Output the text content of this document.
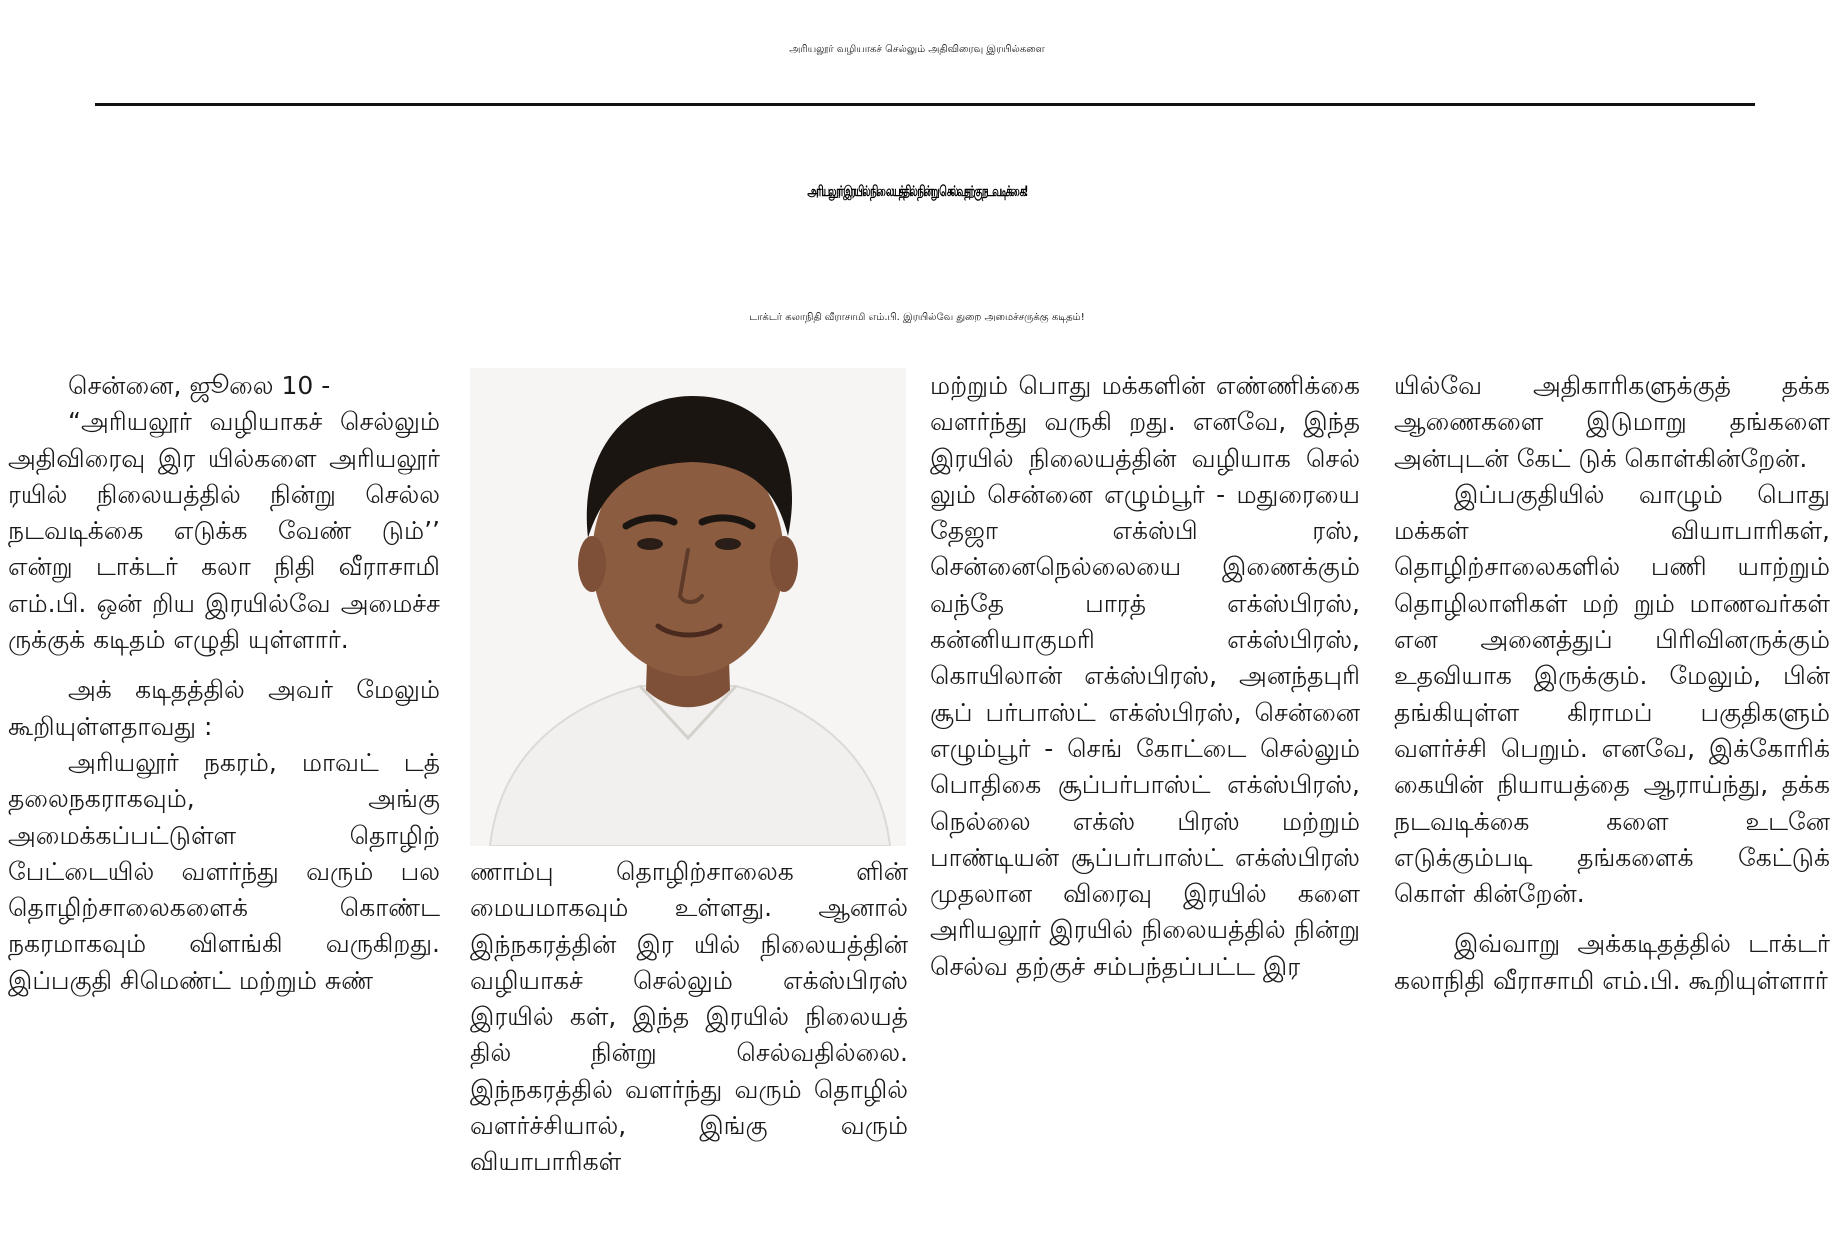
அரியலூர் வழியாகச் செல்லும் அதிவிரைவு இரயில்களை
அரியலூர் இரயில் நிலையத்தில் நின்று செல்வதற்கு நடவடிக்கை!
டாக்டர் கலாநிதி வீராசாமி எம்.பி. இரயில்வே துறை அமைச்சருக்கு கடிதம்!

சென்னை, ஜூலை 10 -

“அரியலூர் வழியாகச் செல்லும் அதிவிரைவு இர யில்களை அரியலூர் ரயில் நிலையத்தில் நின்று செல்ல நடவடிக்கை எடுக்க வேண் டும்’’ என்று டாக்டர் கலா நிதி வீராசாமி எம்.பி. ஒன் றிய இரயில்வே அமைச்ச ருக்குக் கடிதம் எழுதி யுள்ளார்.

அக் கடிதத்தில் அவர் மேலும் கூறியுள்ளதாவது :

அரியலூர் நகரம், மாவட் டத் தலைநகராகவும், அங்கு அமைக்கப்பட்டுள்ள தொழிற் பேட்டையில் வளர்ந்து வரும் பல தொழிற்சாலைகளைக் கொண்ட நகரமாகவும் விளங்கி வருகிறது. இப்பகுதி சிமெண்ட் மற்றும் சுண்

ணாம்பு தொழிற்சாலைக ளின் மையமாகவும் உள்ளது. ஆனால் இந்நகரத்தின் இர யில் நிலையத்தின் வழியாகச் செல்லும் எக்ஸ்பிரஸ் இரயில் கள், இந்த இரயில் நிலையத் தில் நின்று செல்வதில்லை. இந்நகரத்தில் வளர்ந்து வரும் தொழில் வளர்ச்சியால், இங்கு வரும் வியாபாரிகள்

மற்றும் பொது மக்களின் எண்ணிக்கை வளர்ந்து வருகி றது. எனவே, இந்த இரயில் நிலையத்தின் வழியாக செல் லும் சென்னை எழும்பூர் - மதுரையை தேஜா எக்ஸ்பி ரஸ், சென்னைநெல்லையை இணைக்கும் வந்தே பாரத் எக்ஸ்பிரஸ், கன்னியாகுமரி எக்ஸ்பிரஸ், கொயிலான் எக்ஸ்பிரஸ், அனந்தபுரி சூப் பர்பாஸ்ட் எக்ஸ்பிரஸ், சென்னை எழும்பூர் - செங் கோட்டை செல்லும் பொதிகை சூப்பர்பாஸ்ட் எக்ஸ்பிரஸ், நெல்லை எக்ஸ் பிரஸ் மற்றும் பாண்டியன் சூப்பர்பாஸ்ட் எக்ஸ்பிரஸ் முதலான விரைவு இரயில் களை அரியலூர் இரயில் நிலையத்தில் நின்று செல்வ தற்குச் சம்பந்தப்பட்ட இர

யில்வே அதிகாரிகளுக்குத் தக்க ஆணைகளை இடுமாறு தங்களை அன்புடன் கேட் டுக் கொள்கின்றேன்.

இப்பகுதியில் வாழும் பொது மக்கள் வியாபாரிகள், தொழிற்சாலைகளில் பணி யாற்றும் தொழிலாளிகள் மற் றும் மாணவர்கள் என அனைத்துப் பிரிவினருக்கும் உதவியாக இருக்கும். மேலும், பின் தங்கியுள்ள கிராமப் பகுதிகளும் வளர்ச்சி பெறும். எனவே, இக்கோரிக் கையின் நியாயத்தை ஆராய்ந்து, தக்க நடவடிக்கை களை உடனே எடுக்கும்படி தங்களைக் கேட்டுக் கொள் கின்றேன்.

இவ்வாறு அக்கடிதத்தில் டாக்டர் கலாநிதி வீராசாமி எம்.பி. கூறியுள்ளார்
